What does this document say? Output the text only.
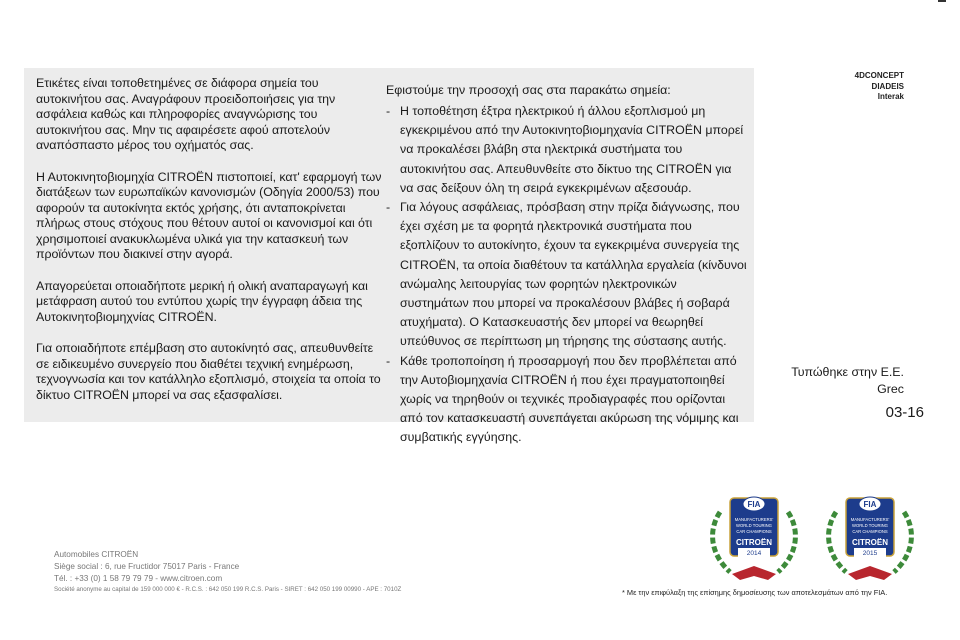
Ετικέτες είναι τοποθετημένες σε διάφορα σημεία του αυτοκινήτου σας. Αναγράφουν προειδοποιήσεις για την ασφάλεια καθώς και πληροφορίες αναγνώρισης του αυτοκινήτου σας. Μην τις αφαιρέσετε αφού αποτελούν αναπόσπαστο μέρος του οχήματός σας.

Η Αυτοκινητοβιομηχία CITROËN πιστοποιεί, κατ' εφαρμογή των διατάξεων των ευρωπαϊκών κανονισμών (Οδηγία 2000/53) που αφορούν τα αυτοκίνητα εκτός χρήσης, ότι ανταποκρίνεται πλήρως στους στόχους που θέτουν αυτοί οι κανονισμοί και ότι χρησιμοποιεί ανακυκλωμένα υλικά για την κατασκευή των προϊόντων που διακινεί στην αγορά.

Απαγορεύεται οποιαδήποτε μερική ή ολική αναπαραγωγή και μετάφραση αυτού του εντύπου χωρίς την έγγραφη άδεια της Αυτοκινητοβιομηχνίας CITROËN.

Για οποιαδήποτε επέμβαση στο αυτοκίνητό σας, απευθυνθείτε σε ειδικευμένο συνεργείο που διαθέτει τεχνική ενημέρωση, τεχνογνωσία και τον κατάλληλο εξοπλισμό, στοιχεία τα οποία το δίκτυο CITROËN μπορεί να σας εξασφαλίσει.

Εφιστούμε την προσοχή σας στα παρακάτω σημεία:

- Η τοποθέτηση έξτρα ηλεκτρικού ή άλλου εξοπλισμού μη εγκεκριμένου από την Αυτοκινητοβιομηχανία CITROËN μπορεί να προκαλέσει βλάβη στα ηλεκτρικά συστήματα του αυτοκινήτου σας. Απευθυνθείτε στο δίκτυο της CITROËN για να σας δείξουν όλη τη σειρά εγκεκριμένων αξεσουάρ.
- Για λόγους ασφάλειας, πρόσβαση στην πρίζα διάγνωσης, που έχει σχέση με τα φορητά ηλεκτρονικά συστήματα που εξοπλίζουν το αυτοκίνητο, έχουν τα εγκεκριμένα συνεργεία της CITROËN, τα οποία διαθέτουν τα κατάλληλα εργαλεία (κίνδυνοι ανώμαλης λειτουργίας των φορητών ηλεκτρονικών συστημάτων που μπορεί να προκαλέσουν βλάβες ή σοβαρά ατυχήματα). Ο Κατασκευαστής δεν μπορεί να θεωρηθεί υπεύθυνος σε περίπτωση μη τήρησης της σύστασης αυτής.
- Κάθε τροποποίηση ή προσαρμογή που δεν προβλέπεται από την Αυτοβιομηχανία CITROËN ή που έχει πραγματοποιηθεί χωρίς να τηρηθούν οι τεχνικές προδιαγραφές που ορίζονται από τον κατασκευαστή συνεπάγεται ακύρωση της νόμιμης και συμβατικής εγγύησης.
4DCONCEPT
DIADEIS
Interak
Τυπώθηκε στην Ε.Ε.
Grec
03-16
Automobiles CITROËN
Siège social : 6, rue Fructidor 75017 Paris - France
Tél. : +33 (0) 1 58 79 79 79 - www.citroen.com
Société anonyme au capital de 159 000 000 € - R.C.S. : 642 050 199 R.C.S. Paris - SIRET : 642 050 199 00990 - APE : 7010Z
FIA
MANUFACTURERS'
WORLD TOURING
CAR CHAMPIONS
CITROËN
2014
FIA
MANUFACTURERS'
WORLD TOURING
CAR CHAMPIONS
CITROËN
2015
* Με την επιφύλαξη της επίσημης δημοσίευσης των αποτελεσμάτων από την FIA.
